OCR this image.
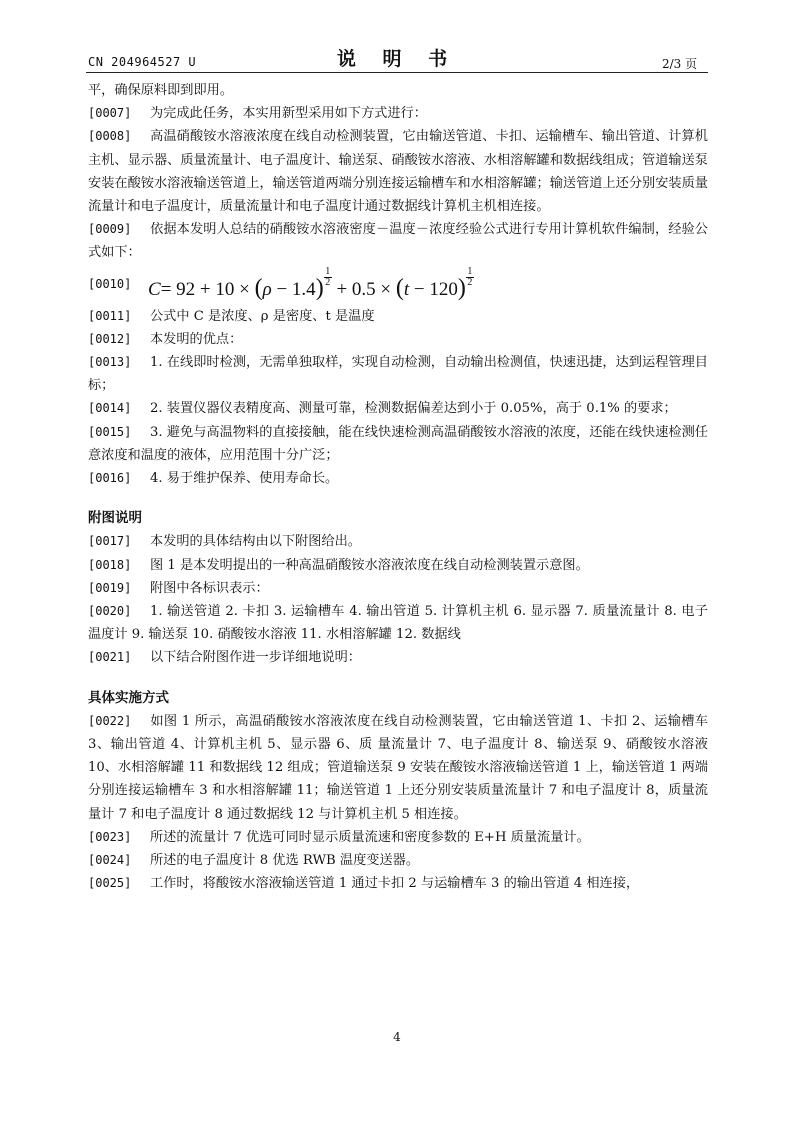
CN 204964527 U	说 明 书	2/3 页

平，确保原料即到即用。

[0007] 为完成此任务，本实用新型采用如下方式进行：

[0008] 高温硝酸铵水溶液浓度在线自动检测装置，它由输送管道、卡扣、运输槽车、输出管道、计算机主机、显示器、质量流量计、电子温度计、输送泵、硝酸铵水溶液、水相溶解罐和数据线组成；管道输送泵安装在酸铵水溶液输送管道上，输送管道两端分别连接运输槽车和水相溶解罐；输送管道上还分别安装质量流量计和电子温度计，质量流量计和电子温度计通过数据线计算机主机相连接。

[0009] 依据本发明人总结的硝酸铵水溶液密度－温度－浓度经验公式进行专用计算机软件编制，经验公式如下：

[0010] $C= 92 + 10 \times (\rho - 1.4) \frac{1}{2}$
+ $0.5 \times (t - 120) \frac{1}{2}$

[0011] 公式中 C 是浓度、ρ 是密度、t 是温度

[0012] 本发明的优点：

[0013] 1. 在线即时检测，无需单独取样，实现自动检测，自动输出检测值，快速迅捷，达到运程管理目标；

[0014] 2. 装置仪器仪表精度高、测量可靠，检测数据偏差达到小于 0.05%，高于 0.1% 的要求；

[0015] 3. 避免与高温物料的直接接触，能在线快速检测高温硝酸铵水溶液的浓度，还能在线快速检测任意浓度和温度的液体，应用范围十分广泛；

[0016] 4. 易于维护保养、使用寿命长。

附图说明

[0017] 本发明的具体结构由以下附图给出。

[0018] 图 1 是本发明提出的一种高温硝酸铵水溶液浓度在线自动检测装置示意图。

[0019] 附图中各标识表示：

[0020] 1. 输送管道 2. 卡扣 3. 运输槽车 4. 输出管道 5. 计算机主机 6. 显示器 7. 质量流量计 8. 电子温度计 9. 输送泵 10. 硝酸铵水溶液 11. 水相溶解罐 12. 数据线

[0021] 以下结合附图作进一步详细地说明：

具体实施方式

[0022] 如图 1 所示，高温硝酸铵水溶液浓度在线自动检测装置，它由输送管道 1、卡扣 2、运输槽车 3、输出管道 4、计算机主机 5、显示器 6、质 量流量计 7、电子温度计 8、输送泵 9、硝酸铵水溶液 10、水相溶解罐 11 和数据线 12 组成；管道输送泵 9 安装在酸铵水溶液输送管道 1 上，输送管道 1 两端分别连接运输槽车 3 和水相溶解罐 11；输送管道 1 上还分别安装质量流量计 7 和电子温度计 8，质量流量计 7 和电子温度计 8 通过数据线 12 与计算机主机 5 相连接。

[0023] 所述的流量计 7 优选可同时显示质量流速和密度参数的 E+H 质量流量计。

[0024] 所述的电子温度计 8 优选 RWB 温度变送器。

[0025] 工作时，将酸铵水溶液输送管道 1 通过卡扣 2 与运输槽车 3 的输出管道 4 相连接，

4
